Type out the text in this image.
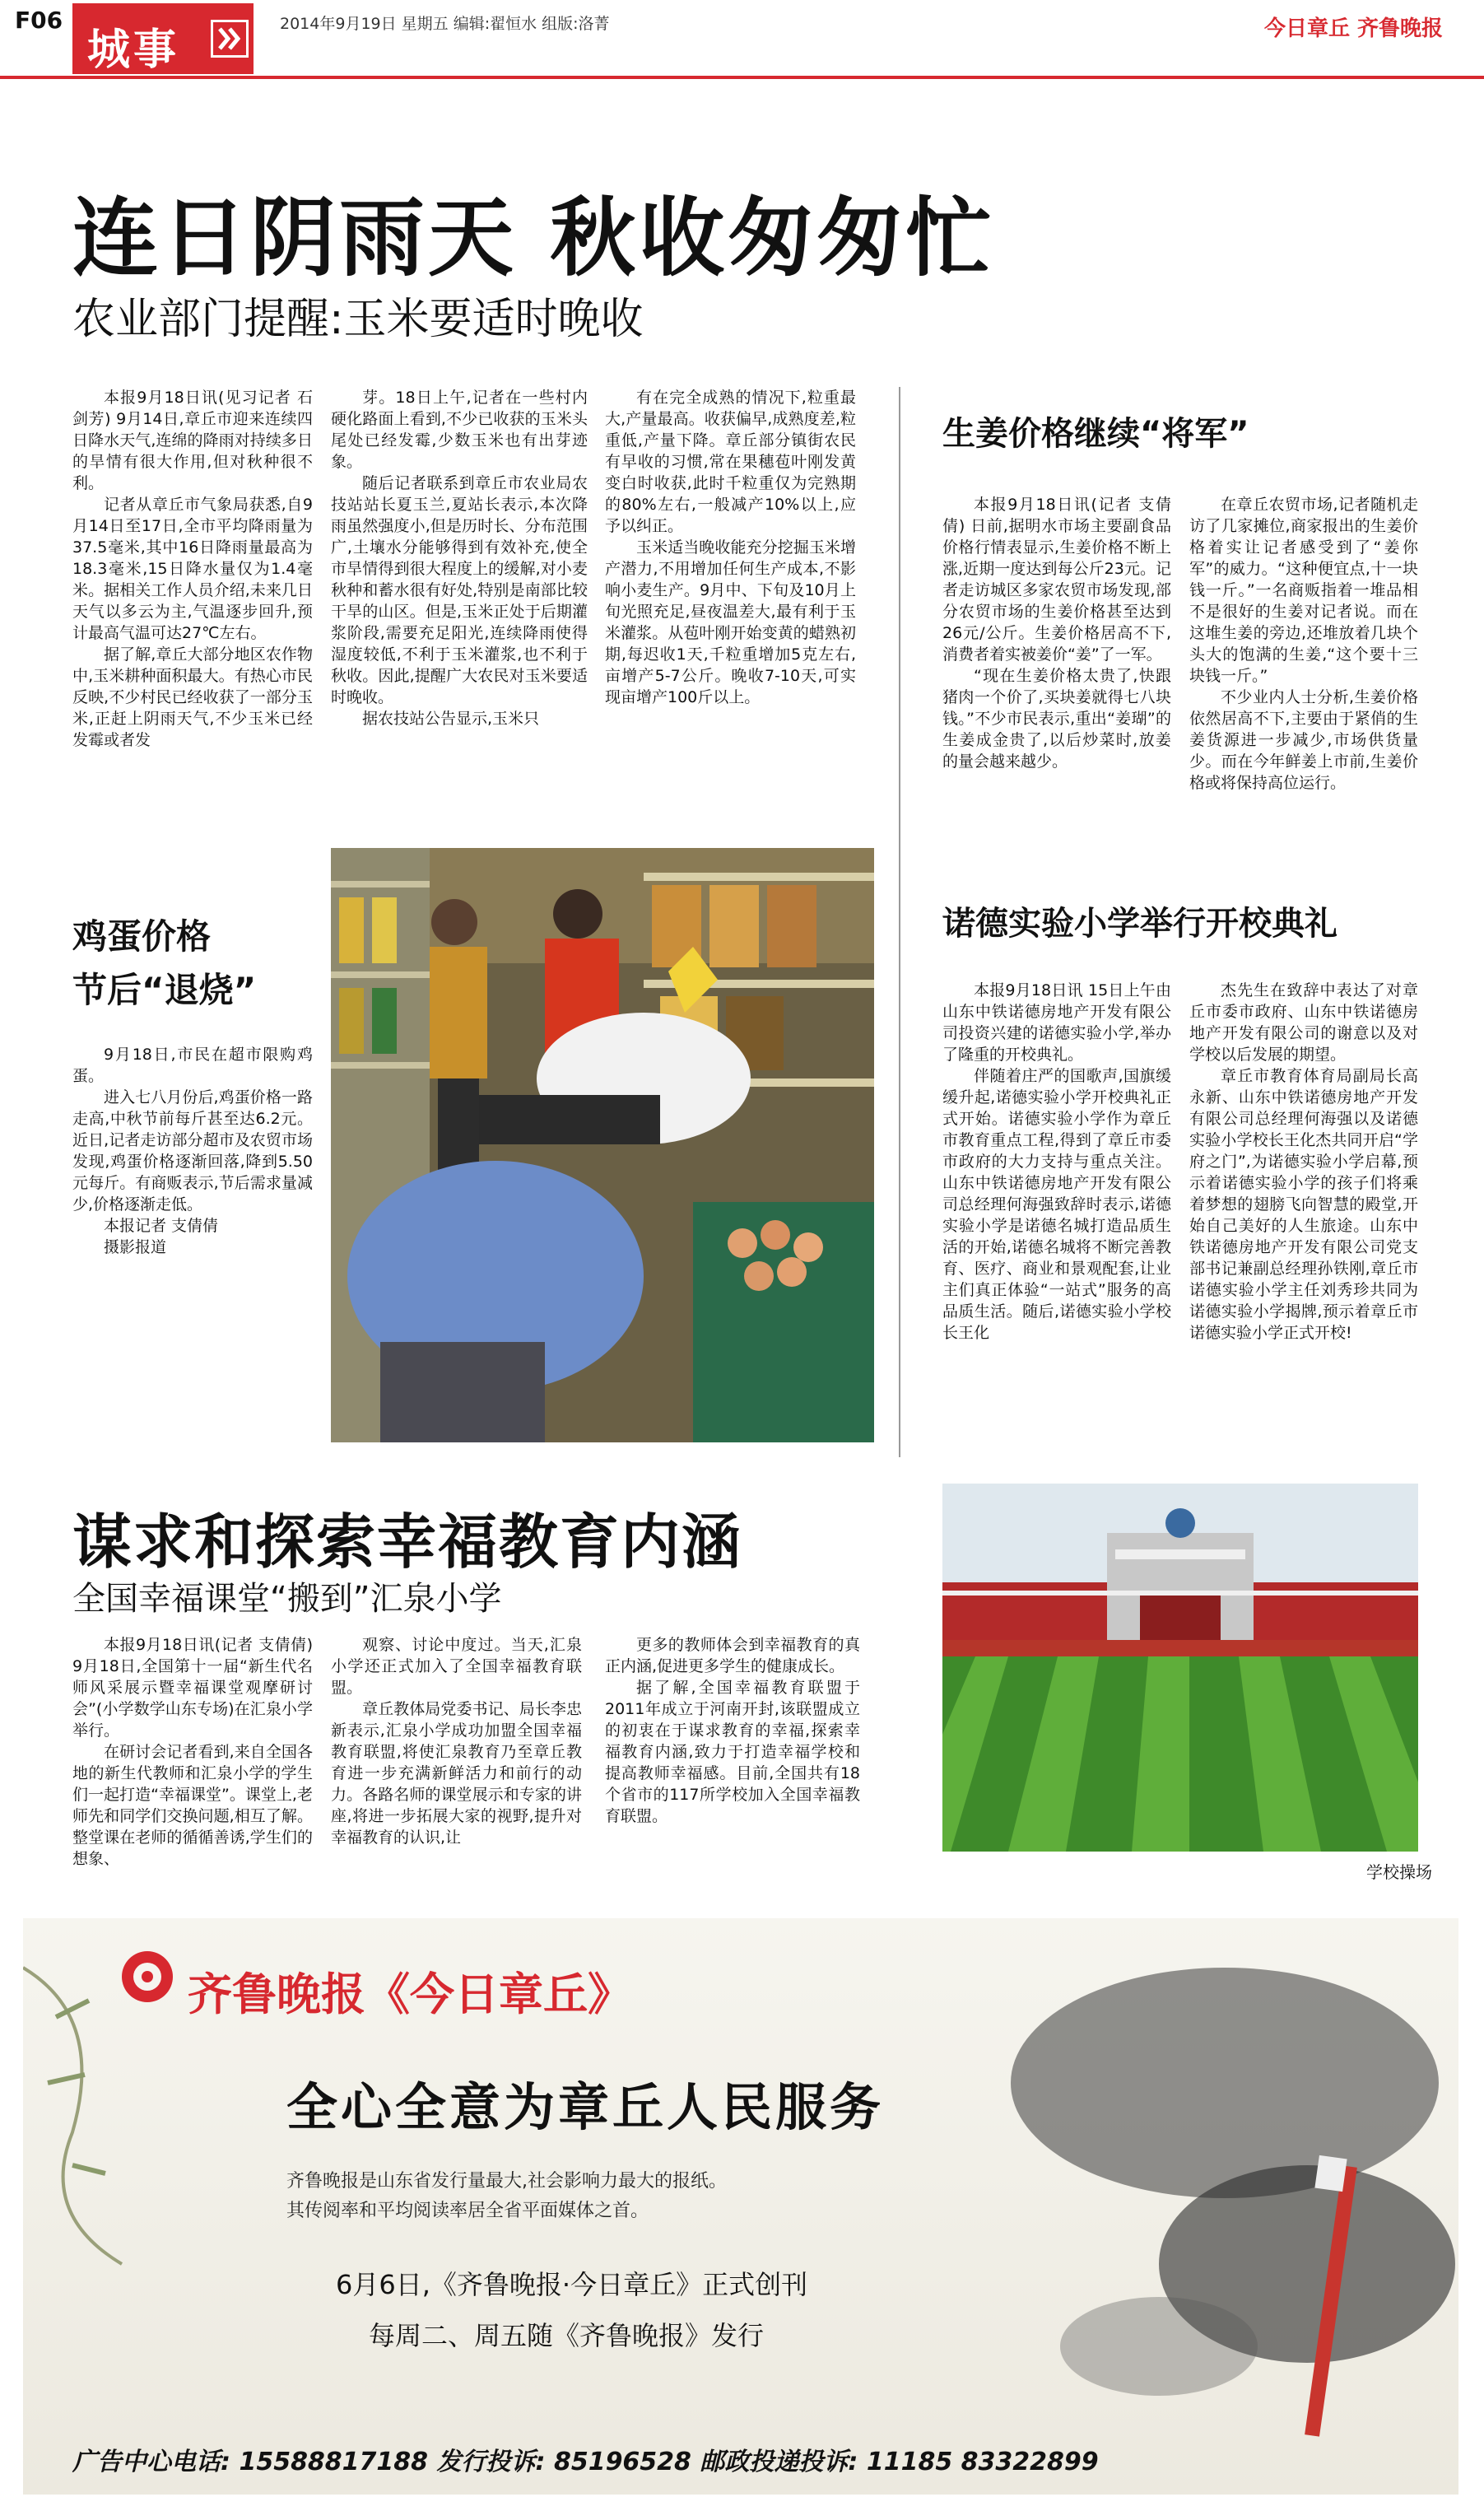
F06
城事
2014年9月19日 星期五 编辑:翟恒水 组版:洛菁	今日章丘 齐鲁晚报
连日阴雨天 秋收匆匆忙
农业部门提醒:玉米要适时晚收

本报9月18日讯(见习记者 石剑芳) 9月14日,章丘市迎来连续四日降水天气,连绵的降雨对持续多日的旱情有很大作用,但对秋种很不利。

记者从章丘市气象局获悉,自9月14日至17日,全市平均降雨量为37.5毫米,其中16日降雨量最高为18.3毫米,15日降水量仅为1.4毫米。据相关工作人员介绍,未来几日天气以多云为主,气温逐步回升,预计最高气温可达27℃左右。

据了解,章丘大部分地区农作物中,玉米耕种面积最大。有热心市民反映,不少村民已经收获了一部分玉米,正赶上阴雨天气,不少玉米已经发霉或者发

芽。18日上午,记者在一些村内硬化路面上看到,不少已收获的玉米头尾处已经发霉,少数玉米也有出芽迹象。

随后记者联系到章丘市农业局农技站站长夏玉兰,夏站长表示,本次降雨虽然强度小,但是历时长、分布范围广,土壤水分能够得到有效补充,使全市旱情得到很大程度上的缓解,对小麦秋种和蓄水很有好处,特别是南部比较干旱的山区。但是,玉米正处于后期灌浆阶段,需要充足阳光,连续降雨使得湿度较低,不利于玉米灌浆,也不利于秋收。因此,提醒广大农民对玉米要适时晚收。

据农技站公告显示,玉米只

有在完全成熟的情况下,粒重最大,产量最高。收获偏早,成熟度差,粒重低,产量下降。章丘部分镇街农民有早收的习惯,常在果穗苞叶刚发黄变白时收获,此时千粒重仅为完熟期的80%左右,一般减产10%以上,应予以纠正。

玉米适当晚收能充分挖掘玉米增产潜力,不用增加任何生产成本,不影响小麦生产。9月中、下旬及10月上旬光照充足,昼夜温差大,最有利于玉米灌浆。从苞叶刚开始变黄的蜡熟初期,每迟收1天,千粒重增加5克左右,亩增产5-7公斤。晚收7-10天,可实现亩增产100斤以上。

生姜价格继续“将军”

本报9月18日讯(记者 支倩倩) 日前,据明水市场主要副食品价格行情表显示,生姜价格不断上涨,近期一度达到每公斤23元。记者走访城区多家农贸市场发现,部分农贸市场的生姜价格甚至达到26元/公斤。生姜价格居高不下,消费者着实被姜价“姜”了一军。

“现在生姜价格太贵了,快跟猪肉一个价了,买块姜就得七八块钱。”不少市民表示,重出“姜瑚”的生姜成金贵了,以后炒菜时,放姜的量会越来越少。

在章丘农贸市场,记者随机走访了几家摊位,商家报出的生姜价格着实让记者感受到了“姜你军”的威力。“这种便宜点,十一块钱一斤。”一名商贩指着一堆品相不是很好的生姜对记者说。而在这堆生姜的旁边,还堆放着几块个头大的饱满的生姜,“这个要十三块钱一斤。”

不少业内人士分析,生姜价格依然居高不下,主要由于紧俏的生姜货源进一步减少,市场供货量少。而在今年鲜姜上市前,生姜价格或将保持高位运行。

诺德实验小学举行开校典礼

本报9月18日讯 15日上午由山东中铁诺德房地产开发有限公司投资兴建的诺德实验小学,举办了隆重的开校典礼。

伴随着庄严的国歌声,国旗缓缓升起,诺德实验小学开校典礼正式开始。诺德实验小学作为章丘市教育重点工程,得到了章丘市委市政府的大力支持与重点关注。山东中铁诺德房地产开发有限公司总经理何海强致辞时表示,诺德实验小学是诺德名城打造品质生活的开始,诺德名城将不断完善教育、医疗、商业和景观配套,让业主们真正体验“一站式”服务的高品质生活。随后,诺德实验小学校长王化

杰先生在致辞中表达了对章丘市委市政府、山东中铁诺德房地产开发有限公司的谢意以及对学校以后发展的期望。

章丘市教育体育局副局长高永新、山东中铁诺德房地产开发有限公司总经理何海强以及诺德实验小学校长王化杰共同开启“学府之门”,为诺德实验小学启幕,预示着诺德实验小学的孩子们将乘着梦想的翅膀飞向智慧的殿堂,开始自己美好的人生旅途。山东中铁诺德房地产开发有限公司党支部书记兼副总经理孙铁刚,章丘市诺德实验小学主任刘秀珍共同为诺德实验小学揭牌,预示着章丘市诺德实验小学正式开校!

鸡蛋价格
节后“退烧”

9月18日,市民在超市限购鸡蛋。

进入七八月份后,鸡蛋价格一路走高,中秋节前每斤甚至达6.2元。近日,记者走访部分超市及农贸市场发现,鸡蛋价格逐渐回落,降到5.50元每斤。有商贩表示,节后需求量减少,价格逐渐走低。

本报记者 支倩倩

摄影报道

谋求和探索幸福教育内涵
全国幸福课堂“搬到”汇泉小学

本报9月18日讯(记者 支倩倩) 9月18日,全国第十一届“新生代名师风采展示暨幸福课堂观摩研讨会”(小学数学山东专场)在汇泉小学举行。

在研讨会记者看到,来自全国各地的新生代教师和汇泉小学的学生们一起打造“幸福课堂”。课堂上,老师先和同学们交换问题,相互了解。整堂课在老师的循循善诱,学生们的想象、

观察、讨论中度过。当天,汇泉小学还正式加入了全国幸福教育联盟。

章丘教体局党委书记、局长李忠新表示,汇泉小学成功加盟全国幸福教育联盟,将使汇泉教育乃至章丘教育进一步充满新鲜活力和前行的动力。各路名师的课堂展示和专家的讲座,将进一步拓展大家的视野,提升对幸福教育的认识,让

更多的教师体会到幸福教育的真正内涵,促进更多学生的健康成长。

据了解,全国幸福教育联盟于2011年成立于河南开封,该联盟成立的初衷在于谋求教育的幸福,探索幸福教育内涵,致力于打造幸福学校和提高教师幸福感。目前,全国共有18个省市的117所学校加入全国幸福教育联盟。

学校操场
齐鲁晚报《今日章丘》
全心全意为章丘人民服务
齐鲁晚报是山东省发行量最大,社会影响力最大的报纸。
其传阅率和平均阅读率居全省平面媒体之首。
6月6日,《齐鲁晚报·今日章丘》正式创刊
每周二、周五随《齐鲁晚报》发行
广告中心电话: 15588817188 发行投诉: 85196528 邮政投递投诉: 11185 83322899
